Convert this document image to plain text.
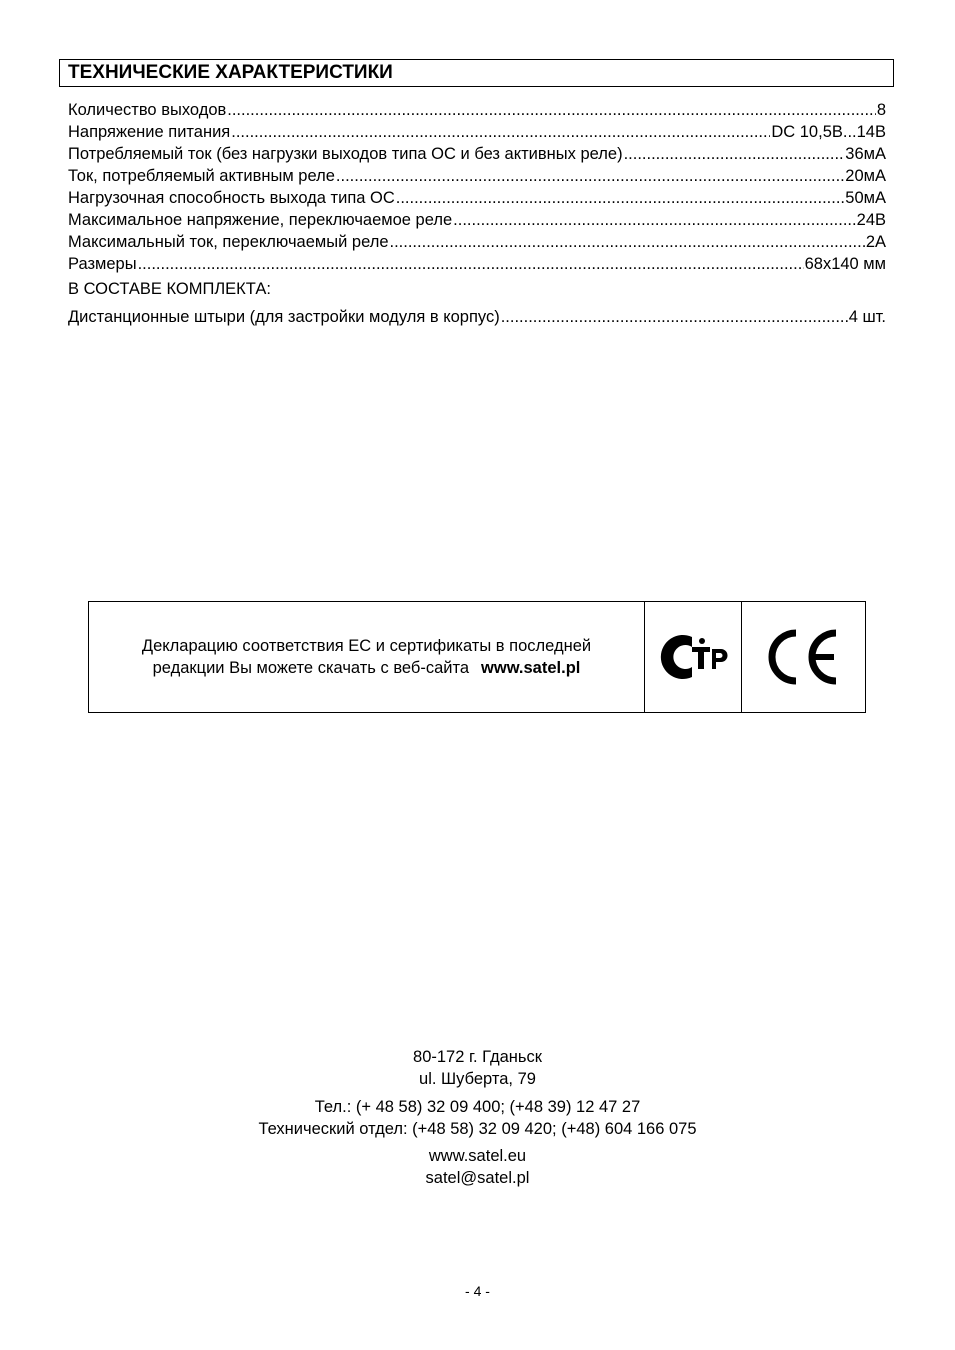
ТЕХНИЧЕСКИЕ ХАРАКТЕРИСТИКИ
Количество выходов .....	8
Напряжение питания .....	DC 10,5В...14В
Потребляемый ток (без нагрузки выходов типа ОС и без активных реле) .....	36мА
Ток, потребляемый активным реле .....	20мА
Нагрузочная способность выхода типа ОС .....	50мА
Максимальное напряжение, переключаемое реле .....	24В
Максимальный ток, переключаемый реле .....	2A
Размеры .....	68x140 мм
В СОСТАВЕ КОМПЛЕКТА:
Дистанционные штыри (для застройки модуля в корпус) .....	4 шт.
Декларацию соответствия ЕС и сертификаты в последней
редакции Вы можете скачать с веб-сайта www.satel.pl
80-172 г. Гданьск
ul. Шуберта, 79
Тел.: (+ 48 58) 32 09 400; (+48 39) 12 47 27
Технический отдел: (+48 58) 32 09 420; (+48) 604 166 075
www.satel.eu
satel@satel.pl
- 4 -
